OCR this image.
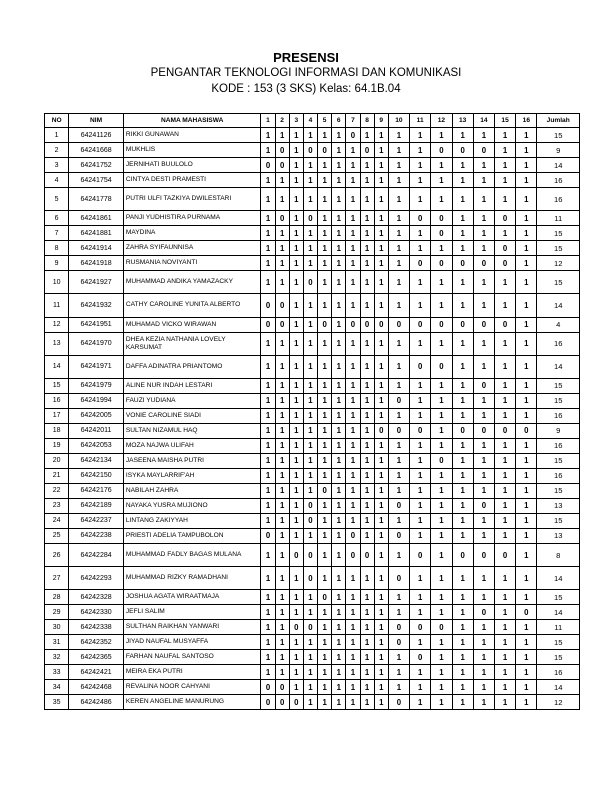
PRESENSI
PENGANTAR TEKNOLOGI INFORMASI DAN KOMUNIKASI
KODE : 153 (3 SKS) Kelas: 64.1B.04
NO	NIM	NAMA MAHASISWA	1	2	3	4	5	6	7	8	9	10	11	12	13	14	15	16	Jumlah
1	64241126	RIKKI GUNAWAN	1	1	1	1	1	1	0	1	1	1	1	1	1	1	1	1	15
2	64241668	MUKHLIS	1	0	1	0	0	1	1	0	1	1	1	0	0	0	1	1	9
3	64241752	JERNIHATI BUULOLO	0	0	1	1	1	1	1	1	1	1	1	1	1	1	1	1	14
4	64241754	CINTYA DESTI PRAMESTI	1	1	1	1	1	1	1	1	1	1	1	1	1	1	1	1	16
5	64241778	PUTRI ULFI TAZKIYA DWILESTARI	1	1	1	1	1	1	1	1	1	1	1	1	1	1	1	1	16
6	64241861	PANJI YUDHISTIRA PURNAMA	1	0	1	0	1	1	1	1	1	1	0	0	1	1	0	1	11
7	64241881	MAYDINA	1	1	1	1	1	1	1	1	1	1	1	0	1	1	1	1	15
8	64241914	ZAHRA SYIFAUNNISA	1	1	1	1	1	1	1	1	1	1	1	1	1	1	0	1	15
9	64241918	RUSMANIA NOVIYANTI	1	1	1	1	1	1	1	1	1	1	0	0	0	0	0	1	12
10	64241927	MUHAMMAD ANDIKA YAMAZACKY	1	1	1	0	1	1	1	1	1	1	1	1	1	1	1	1	15
11	64241932	CATHY CAROLINE YUNITA ALBERTO	0	0	1	1	1	1	1	1	1	1	1	1	1	1	1	1	14
12	64241951	MUHAMAD VICKO WIRAWAN	0	0	1	1	0	1	0	0	0	0	0	0	0	0	0	1	4
13	64241970	DHEA KEZIA NATHANIA LOVELY KARSUMAT	1	1	1	1	1	1	1	1	1	1	1	1	1	1	1	1	16
14	64241971	DAFFA ADINATRA PRIANTOMO	1	1	1	1	1	1	1	1	1	1	0	0	1	1	1	1	14
15	64241979	ALINE NUR INDAH LESTARI	1	1	1	1	1	1	1	1	1	1	1	1	1	0	1	1	15
16	64241994	FAUZI YUDIANA	1	1	1	1	1	1	1	1	1	0	1	1	1	1	1	1	15
17	64242005	VONIE CAROLINE SIADI	1	1	1	1	1	1	1	1	1	1	1	1	1	1	1	1	16
18	64242011	SULTAN NIZAMUL HAQ	1	1	1	1	1	1	1	1	0	0	0	1	0	0	0	0	9
19	64242053	MOZA NAJWA ULIFAH	1	1	1	1	1	1	1	1	1	1	1	1	1	1	1	1	16
20	64242134	JASEENA MAISHA PUTRI	1	1	1	1	1	1	1	1	1	1	1	0	1	1	1	1	15
21	64242150	ISYKA MAYLARRIF'AH	1	1	1	1	1	1	1	1	1	1	1	1	1	1	1	1	16
22	64242176	NABILAH ZAHRA	1	1	1	1	0	1	1	1	1	1	1	1	1	1	1	1	15
23	64242189	NAYAKA YUSRA MUJIONO	1	1	1	0	1	1	1	1	1	0	1	1	1	0	1	1	13
24	64242237	LINTANG ZAKIYYAH	1	1	1	0	1	1	1	1	1	1	1	1	1	1	1	1	15
25	64242238	PRIESTI ADELIA TAMPUBOLON	0	1	1	1	1	1	0	1	1	0	1	1	1	1	1	1	13
26	64242284	MUHAMMAD FADLY BAGAS MULANA	1	1	0	0	1	1	0	0	1	1	0	1	0	0	0	1	8
27	64242293	MUHAMMAD RIZKY RAMADHANI	1	1	1	0	1	1	1	1	1	0	1	1	1	1	1	1	14
28	64242328	JOSHUA AGATA WIRAATMAJA	1	1	1	1	0	1	1	1	1	1	1	1	1	1	1	1	15
29	64242330	JEFLI SALIM	1	1	1	1	1	1	1	1	1	1	1	1	1	0	1	0	14
30	64242338	SULTHAN RAIKHAN YANWARI	1	1	0	0	1	1	1	1	1	0	0	0	1	1	1	1	11
31	64242352	JIYAD NAUFAL MUSYAFFA	1	1	1	1	1	1	1	1	1	0	1	1	1	1	1	1	15
32	64242365	FARHAN NAUFAL SANTOSO	1	1	1	1	1	1	1	1	1	1	0	1	1	1	1	1	15
33	64242421	MEIRA EKA PUTRI	1	1	1	1	1	1	1	1	1	1	1	1	1	1	1	1	16
34	64242468	REVALINA NOOR CAHYANI	0	0	1	1	1	1	1	1	1	1	1	1	1	1	1	1	14
35	64242486	KEREN ANGELINE MANURUNG	0	0	0	1	1	1	1	1	1	0	1	1	1	1	1	1	12
